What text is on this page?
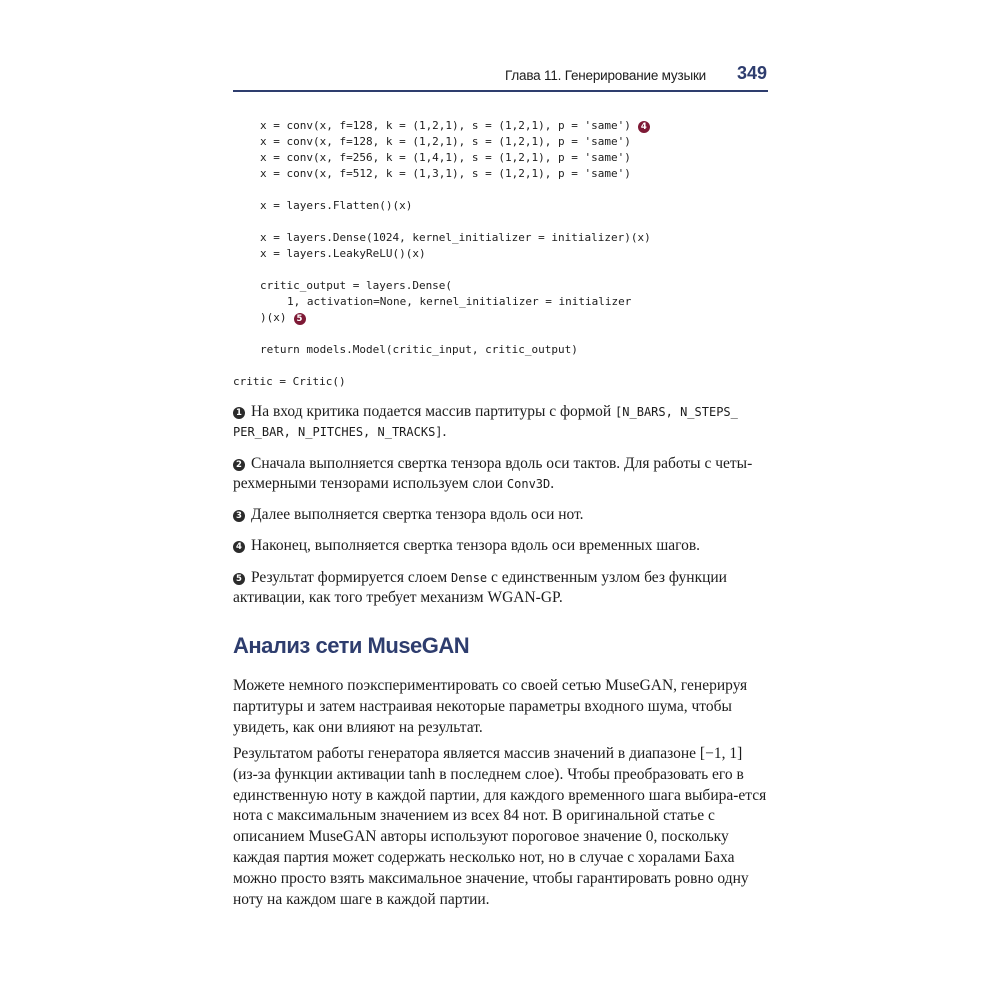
Глава 11. Генерирование музыки 349
x = conv(x, f=128, k = (1,2,1), s = (1,2,1), p = 'same') 4
x = conv(x, f=128, k = (1,2,1), s = (1,2,1), p = 'same')
x = conv(x, f=256, k = (1,4,1), s = (1,2,1), p = 'same')
x = conv(x, f=512, k = (1,3,1), s = (1,2,1), p = 'same')
x = layers.Flatten()(x)
x = layers.Dense(1024, kernel_initializer = initializer)(x)
x = layers.LeakyReLU()(x)
critic_output = layers.Dense(
1, activation=None, kernel_initializer = initializer
)(x) 5
return models.Model(critic_input, critic_output)
critic = Critic()

1 На вход критика подается массив партитуры с формой [N_BARS, N_STEPS_ PER_BAR, N_PITCHES, N_TRACKS].

2 Сначала выполняется свертка тензора вдоль оси тактов. Для работы с четы-рехмерными тензорами используем слои Conv3D.

3 Далее выполняется свертка тензора вдоль оси нот.

4 Наконец, выполняется свертка тензора вдоль оси временных шагов.

5 Результат формируется слоем Dense с единственным узлом без функции активации, как того требует механизм WGAN-GP.

Анализ сети MuseGAN

Можете немного поэкспериментировать со своей сетью MuseGAN, генерируя партитуры и затем настраивая некоторые параметры входного шума, чтобы увидеть, как они влияют на результат.

Результатом работы генератора является массив значений в диапазоне [−1, 1] (из-за функции активации tanh в последнем слое). Чтобы преобразовать его в единственную ноту в каждой партии, для каждого временного шага выбира-ется нота с максимальным значением из всех 84 нот. В оригинальной статье с описанием MuseGAN авторы используют пороговое значение 0, поскольку каждая партия может содержать несколько нот, но в случае с хоралами Баха можно просто взять максимальное значение, чтобы гарантировать ровно одну ноту на каждом шаге в каждой партии.
